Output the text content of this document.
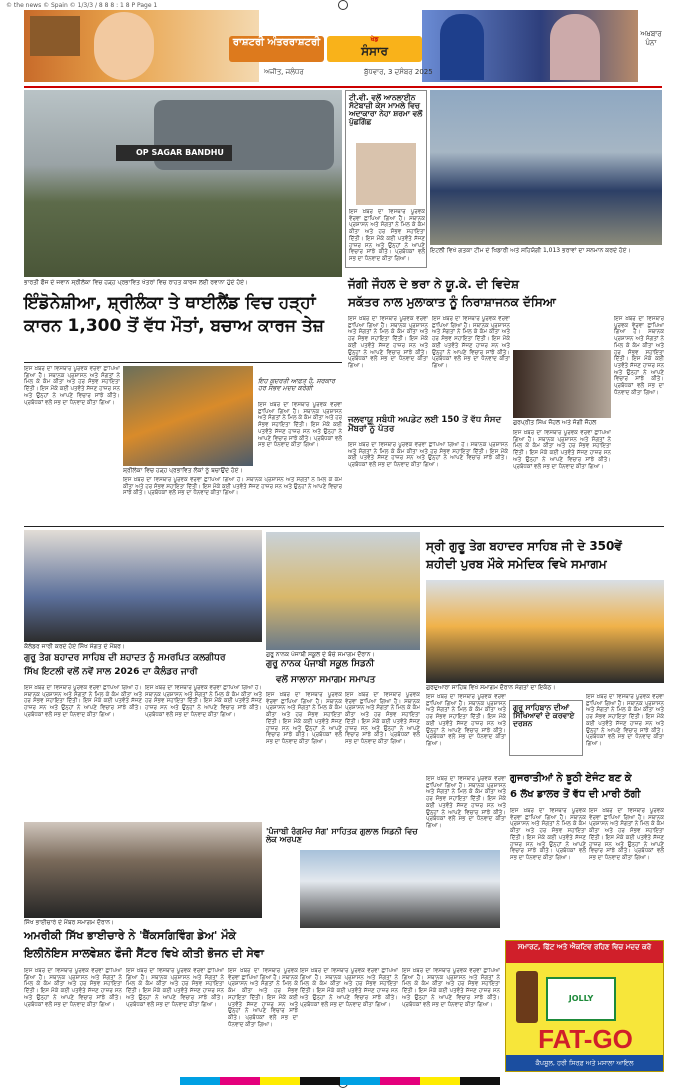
© the news © Spain © 1/3/3 / 8 8 8 : 1 8 P Page 1
ਰਾਸ਼ਟਰੀ ਅੰਤਰਰਾਸ਼ਟਰੀ	ਖੇਡ
ਸੰਸਾਰ
ਅਜੀਤ, ਜਲੰਧਰ	ਬੁੱਧਵਾਰ, 3 ਦਸੰਬਰ 2025
ਅਖ਼ਬਾਰ ਪੰਨਾ
OP SAGAR BANDHU
ਭਾਰਤੀ ਫੌਜ ਦੇ ਜਵਾਨ ਸ੍ਰੀਲੰਕਾ ਵਿਚ ਹੜ੍ਹ ਪ੍ਰਭਾਵਿਤ ਖੇਤਰਾਂ ਵਿਚ ਰਾਹਤ ਕਾਰਜ ਲਈ ਰਵਾਨਾ ਹੁੰਦੇ ਹੋਏ।
ਟੀ.ਵੀ. ਵਲੋਂ ਆਨਲਾਈਨ ਸੱਟੇਬਾਜ਼ੀ ਕੇਸ ਮਾਮਲੇ ਵਿਚ ਅਦਾਕਾਰਾ ਨੇਹਾ ਸ਼ਰਮਾ ਵਲੋਂ ਪੁੱਛਗਿੱਛ
ਇਸ ਖ਼ਬਰ ਦਾ ਵਿਸਥਾਰ ਪੂਰਵਕ ਵੇਰਵਾ ਛਾਪਿਆ ਗਿਆ ਹੈ। ਸਥਾਨਕ ਪ੍ਰਸ਼ਾਸਨ ਅਤੇ ਸੰਗਤਾਂ ਨੇ ਮਿਲ ਕੇ ਕੰਮ ਕੀਤਾ ਅਤੇ ਹਰ ਸੰਭਵ ਸਹਾਇਤਾ ਦਿੱਤੀ। ਇਸ ਮੌਕੇ ਕਈ ਪਤਵੰਤੇ ਸੱਜਣ ਹਾਜ਼ਰ ਸਨ ਅਤੇ ਉਨ੍ਹਾਂ ਨੇ ਆਪਣੇ ਵਿਚਾਰ ਸਾਂਝੇ ਕੀਤੇ। ਪ੍ਰਬੰਧਕਾਂ ਵਲੋਂ ਸਭ ਦਾ ਧੰਨਵਾਦ ਕੀਤਾ ਗਿਆ।
ਇਟਲੀ ਵਿਖੇ ਗਤਕਾ ਟੀਮ ਦੇ ਖਿਡਾਰੀ ਅਤੇ ਸਹਿਯੋਗੀ 1,013 ਭਰਾਵਾਂ ਦਾ ਸਨਮਾਨ ਕਰਦੇ ਹੋਏ।
ਇੰਡੋਨੇਸ਼ੀਆ, ਸ਼੍ਰੀਲੰਕਾ ਤੇ ਥਾਈਲੈਂਡ ਵਿਚ ਹੜ੍ਹਾਂ
ਕਾਰਨ 1,300 ਤੋਂ ਵੱਧ ਮੌਤਾਂ, ਬਚਾਅ ਕਾਰਜ ਤੇਜ਼
ਇਸ ਖ਼ਬਰ ਦਾ ਵਿਸਥਾਰ ਪੂਰਵਕ ਵੇਰਵਾ ਛਾਪਿਆ ਗਿਆ ਹੈ। ਸਥਾਨਕ ਪ੍ਰਸ਼ਾਸਨ ਅਤੇ ਸੰਗਤਾਂ ਨੇ ਮਿਲ ਕੇ ਕੰਮ ਕੀਤਾ ਅਤੇ ਹਰ ਸੰਭਵ ਸਹਾਇਤਾ ਦਿੱਤੀ। ਇਸ ਮੌਕੇ ਕਈ ਪਤਵੰਤੇ ਸੱਜਣ ਹਾਜ਼ਰ ਸਨ ਅਤੇ ਉਨ੍ਹਾਂ ਨੇ ਆਪਣੇ ਵਿਚਾਰ ਸਾਂਝੇ ਕੀਤੇ। ਪ੍ਰਬੰਧਕਾਂ ਵਲੋਂ ਸਭ ਦਾ ਧੰਨਵਾਦ ਕੀਤਾ ਗਿਆ।
ਸ਼੍ਰੀਲੰਕਾ ਵਿਚ ਹੜ੍ਹ ਪ੍ਰਭਾਵਿਤ ਲੋਕਾਂ ਨੂੰ ਬਚਾਉਂਦੇ ਹੋਏ।
ਇਹ ਕੁਦਰਤੀ ਆਫ਼ਤ ਹੈ, ਸਰਕਾਰ ਹਰ ਸੰਭਵ ਮਦਦ ਕਰੇਗੀ
ਇਸ ਖ਼ਬਰ ਦਾ ਵਿਸਥਾਰ ਪੂਰਵਕ ਵੇਰਵਾ ਛਾਪਿਆ ਗਿਆ ਹੈ। ਸਥਾਨਕ ਪ੍ਰਸ਼ਾਸਨ ਅਤੇ ਸੰਗਤਾਂ ਨੇ ਮਿਲ ਕੇ ਕੰਮ ਕੀਤਾ ਅਤੇ ਹਰ ਸੰਭਵ ਸਹਾਇਤਾ ਦਿੱਤੀ। ਇਸ ਮੌਕੇ ਕਈ ਪਤਵੰਤੇ ਸੱਜਣ ਹਾਜ਼ਰ ਸਨ ਅਤੇ ਉਨ੍ਹਾਂ ਨੇ ਆਪਣੇ ਵਿਚਾਰ ਸਾਂਝੇ ਕੀਤੇ। ਪ੍ਰਬੰਧਕਾਂ ਵਲੋਂ ਸਭ ਦਾ ਧੰਨਵਾਦ ਕੀਤਾ ਗਿਆ।
ਇਸ ਖ਼ਬਰ ਦਾ ਵਿਸਥਾਰ ਪੂਰਵਕ ਵੇਰਵਾ ਛਾਪਿਆ ਗਿਆ ਹੈ। ਸਥਾਨਕ ਪ੍ਰਸ਼ਾਸਨ ਅਤੇ ਸੰਗਤਾਂ ਨੇ ਮਿਲ ਕੇ ਕੰਮ ਕੀਤਾ ਅਤੇ ਹਰ ਸੰਭਵ ਸਹਾਇਤਾ ਦਿੱਤੀ। ਇਸ ਮੌਕੇ ਕਈ ਪਤਵੰਤੇ ਸੱਜਣ ਹਾਜ਼ਰ ਸਨ ਅਤੇ ਉਨ੍ਹਾਂ ਨੇ ਆਪਣੇ ਵਿਚਾਰ ਸਾਂਝੇ ਕੀਤੇ। ਪ੍ਰਬੰਧਕਾਂ ਵਲੋਂ ਸਭ ਦਾ ਧੰਨਵਾਦ ਕੀਤਾ ਗਿਆ।
ਜੱਗੀ ਜੌਹਲ ਦੇ ਭਰਾ ਨੇ ਯੂ.ਕੇ. ਦੀ ਵਿਦੇਸ਼
ਸਕੱਤਰ ਨਾਲ ਮੁਲਾਕਾਤ ਨੂੰ ਨਿਰਾਸ਼ਾਜਨਕ ਦੱਸਿਆ
ਇਸ ਖ਼ਬਰ ਦਾ ਵਿਸਥਾਰ ਪੂਰਵਕ ਵੇਰਵਾ ਛਾਪਿਆ ਗਿਆ ਹੈ। ਸਥਾਨਕ ਪ੍ਰਸ਼ਾਸਨ ਅਤੇ ਸੰਗਤਾਂ ਨੇ ਮਿਲ ਕੇ ਕੰਮ ਕੀਤਾ ਅਤੇ ਹਰ ਸੰਭਵ ਸਹਾਇਤਾ ਦਿੱਤੀ। ਇਸ ਮੌਕੇ ਕਈ ਪਤਵੰਤੇ ਸੱਜਣ ਹਾਜ਼ਰ ਸਨ ਅਤੇ ਉਨ੍ਹਾਂ ਨੇ ਆਪਣੇ ਵਿਚਾਰ ਸਾਂਝੇ ਕੀਤੇ। ਪ੍ਰਬੰਧਕਾਂ ਵਲੋਂ ਸਭ ਦਾ ਧੰਨਵਾਦ ਕੀਤਾ ਗਿਆ।
ਇਸ ਖ਼ਬਰ ਦਾ ਵਿਸਥਾਰ ਪੂਰਵਕ ਵੇਰਵਾ ਛਾਪਿਆ ਗਿਆ ਹੈ। ਸਥਾਨਕ ਪ੍ਰਸ਼ਾਸਨ ਅਤੇ ਸੰਗਤਾਂ ਨੇ ਮਿਲ ਕੇ ਕੰਮ ਕੀਤਾ ਅਤੇ ਹਰ ਸੰਭਵ ਸਹਾਇਤਾ ਦਿੱਤੀ। ਇਸ ਮੌਕੇ ਕਈ ਪਤਵੰਤੇ ਸੱਜਣ ਹਾਜ਼ਰ ਸਨ ਅਤੇ ਉਨ੍ਹਾਂ ਨੇ ਆਪਣੇ ਵਿਚਾਰ ਸਾਂਝੇ ਕੀਤੇ। ਪ੍ਰਬੰਧਕਾਂ ਵਲੋਂ ਸਭ ਦਾ ਧੰਨਵਾਦ ਕੀਤਾ ਗਿਆ।
ਗੁਰਪ੍ਰੀਤ ਸਿੰਘ ਜੌਹਲ ਅਤੇ ਜੱਗੀ ਜੌਹਲ
ਇਸ ਖ਼ਬਰ ਦਾ ਵਿਸਥਾਰ ਪੂਰਵਕ ਵੇਰਵਾ ਛਾਪਿਆ ਗਿਆ ਹੈ। ਸਥਾਨਕ ਪ੍ਰਸ਼ਾਸਨ ਅਤੇ ਸੰਗਤਾਂ ਨੇ ਮਿਲ ਕੇ ਕੰਮ ਕੀਤਾ ਅਤੇ ਹਰ ਸੰਭਵ ਸਹਾਇਤਾ ਦਿੱਤੀ। ਇਸ ਮੌਕੇ ਕਈ ਪਤਵੰਤੇ ਸੱਜਣ ਹਾਜ਼ਰ ਸਨ ਅਤੇ ਉਨ੍ਹਾਂ ਨੇ ਆਪਣੇ ਵਿਚਾਰ ਸਾਂਝੇ ਕੀਤੇ। ਪ੍ਰਬੰਧਕਾਂ ਵਲੋਂ ਸਭ ਦਾ ਧੰਨਵਾਦ ਕੀਤਾ ਗਿਆ।
ਇਸ ਖ਼ਬਰ ਦਾ ਵਿਸਥਾਰ ਪੂਰਵਕ ਵੇਰਵਾ ਛਾਪਿਆ ਗਿਆ ਹੈ। ਸਥਾਨਕ ਪ੍ਰਸ਼ਾਸਨ ਅਤੇ ਸੰਗਤਾਂ ਨੇ ਮਿਲ ਕੇ ਕੰਮ ਕੀਤਾ ਅਤੇ ਹਰ ਸੰਭਵ ਸਹਾਇਤਾ ਦਿੱਤੀ। ਇਸ ਮੌਕੇ ਕਈ ਪਤਵੰਤੇ ਸੱਜਣ ਹਾਜ਼ਰ ਸਨ ਅਤੇ ਉਨ੍ਹਾਂ ਨੇ ਆਪਣੇ ਵਿਚਾਰ ਸਾਂਝੇ ਕੀਤੇ। ਪ੍ਰਬੰਧਕਾਂ ਵਲੋਂ ਸਭ ਦਾ ਧੰਨਵਾਦ ਕੀਤਾ ਗਿਆ।
ਜਲਵਾਯੂ ਸਬੰਧੀ ਅਪਡੇਟ ਲਈ 150 ਤੋਂ ਵੱਧ ਸੰਸਦ ਮੈਂਬਰਾਂ ਨੂੰ ਪੱਤਰ
ਇਸ ਖ਼ਬਰ ਦਾ ਵਿਸਥਾਰ ਪੂਰਵਕ ਵੇਰਵਾ ਛਾਪਿਆ ਗਿਆ ਹੈ। ਸਥਾਨਕ ਪ੍ਰਸ਼ਾਸਨ ਅਤੇ ਸੰਗਤਾਂ ਨੇ ਮਿਲ ਕੇ ਕੰਮ ਕੀਤਾ ਅਤੇ ਹਰ ਸੰਭਵ ਸਹਾਇਤਾ ਦਿੱਤੀ। ਇਸ ਮੌਕੇ ਕਈ ਪਤਵੰਤੇ ਸੱਜਣ ਹਾਜ਼ਰ ਸਨ ਅਤੇ ਉਨ੍ਹਾਂ ਨੇ ਆਪਣੇ ਵਿਚਾਰ ਸਾਂਝੇ ਕੀਤੇ। ਪ੍ਰਬੰਧਕਾਂ ਵਲੋਂ ਸਭ ਦਾ ਧੰਨਵਾਦ ਕੀਤਾ ਗਿਆ।
ਕੈਲੰਡਰ ਜਾਰੀ ਕਰਦੇ ਹੋਏ ਸਿੱਖ ਸੰਗਤ ਦੇ ਮੈਂਬਰ।
ਗੁਰੂ ਤੇਗ ਬਹਾਦਰ ਸਾਹਿਬ ਦੀ ਸ਼ਹਾਦਤ ਨੂੰ ਸਮਰਪਿਤ ਕਲਗੀਧਰ
ਸਿੱਖ ਇਟਲੀ ਵਲੋਂ ਨਵੇਂ ਸਾਲ 2026 ਦਾ ਕੈਲੰਡਰ ਜਾਰੀ
ਇਸ ਖ਼ਬਰ ਦਾ ਵਿਸਥਾਰ ਪੂਰਵਕ ਵੇਰਵਾ ਛਾਪਿਆ ਗਿਆ ਹੈ। ਸਥਾਨਕ ਪ੍ਰਸ਼ਾਸਨ ਅਤੇ ਸੰਗਤਾਂ ਨੇ ਮਿਲ ਕੇ ਕੰਮ ਕੀਤਾ ਅਤੇ ਹਰ ਸੰਭਵ ਸਹਾਇਤਾ ਦਿੱਤੀ। ਇਸ ਮੌਕੇ ਕਈ ਪਤਵੰਤੇ ਸੱਜਣ ਹਾਜ਼ਰ ਸਨ ਅਤੇ ਉਨ੍ਹਾਂ ਨੇ ਆਪਣੇ ਵਿਚਾਰ ਸਾਂਝੇ ਕੀਤੇ। ਪ੍ਰਬੰਧਕਾਂ ਵਲੋਂ ਸਭ ਦਾ ਧੰਨਵਾਦ ਕੀਤਾ ਗਿਆ।
ਇਸ ਖ਼ਬਰ ਦਾ ਵਿਸਥਾਰ ਪੂਰਵਕ ਵੇਰਵਾ ਛਾਪਿਆ ਗਿਆ ਹੈ। ਸਥਾਨਕ ਪ੍ਰਸ਼ਾਸਨ ਅਤੇ ਸੰਗਤਾਂ ਨੇ ਮਿਲ ਕੇ ਕੰਮ ਕੀਤਾ ਅਤੇ ਹਰ ਸੰਭਵ ਸਹਾਇਤਾ ਦਿੱਤੀ। ਇਸ ਮੌਕੇ ਕਈ ਪਤਵੰਤੇ ਸੱਜਣ ਹਾਜ਼ਰ ਸਨ ਅਤੇ ਉਨ੍ਹਾਂ ਨੇ ਆਪਣੇ ਵਿਚਾਰ ਸਾਂਝੇ ਕੀਤੇ। ਪ੍ਰਬੰਧਕਾਂ ਵਲੋਂ ਸਭ ਦਾ ਧੰਨਵਾਦ ਕੀਤਾ ਗਿਆ।
ਗੁਰੂ ਨਾਨਕ ਪੰਜਾਬੀ ਸਕੂਲ ਦੇ ਬੱਚੇ ਸਮਾਗਮ ਦੌਰਾਨ।
ਗੁਰੂ ਨਾਨਕ ਪੰਜਾਬੀ ਸਕੂਲ ਸਿਡਨੀ
ਵਲੋਂ ਸਾਲਾਨਾ ਸਮਾਗਮ ਸਮਾਪਤ
ਇਸ ਖ਼ਬਰ ਦਾ ਵਿਸਥਾਰ ਪੂਰਵਕ ਵੇਰਵਾ ਛਾਪਿਆ ਗਿਆ ਹੈ। ਸਥਾਨਕ ਪ੍ਰਸ਼ਾਸਨ ਅਤੇ ਸੰਗਤਾਂ ਨੇ ਮਿਲ ਕੇ ਕੰਮ ਕੀਤਾ ਅਤੇ ਹਰ ਸੰਭਵ ਸਹਾਇਤਾ ਦਿੱਤੀ। ਇਸ ਮੌਕੇ ਕਈ ਪਤਵੰਤੇ ਸੱਜਣ ਹਾਜ਼ਰ ਸਨ ਅਤੇ ਉਨ੍ਹਾਂ ਨੇ ਆਪਣੇ ਵਿਚਾਰ ਸਾਂਝੇ ਕੀਤੇ। ਪ੍ਰਬੰਧਕਾਂ ਵਲੋਂ ਸਭ ਦਾ ਧੰਨਵਾਦ ਕੀਤਾ ਗਿਆ।
ਇਸ ਖ਼ਬਰ ਦਾ ਵਿਸਥਾਰ ਪੂਰਵਕ ਵੇਰਵਾ ਛਾਪਿਆ ਗਿਆ ਹੈ। ਸਥਾਨਕ ਪ੍ਰਸ਼ਾਸਨ ਅਤੇ ਸੰਗਤਾਂ ਨੇ ਮਿਲ ਕੇ ਕੰਮ ਕੀਤਾ ਅਤੇ ਹਰ ਸੰਭਵ ਸਹਾਇਤਾ ਦਿੱਤੀ। ਇਸ ਮੌਕੇ ਕਈ ਪਤਵੰਤੇ ਸੱਜਣ ਹਾਜ਼ਰ ਸਨ ਅਤੇ ਉਨ੍ਹਾਂ ਨੇ ਆਪਣੇ ਵਿਚਾਰ ਸਾਂਝੇ ਕੀਤੇ। ਪ੍ਰਬੰਧਕਾਂ ਵਲੋਂ ਸਭ ਦਾ ਧੰਨਵਾਦ ਕੀਤਾ ਗਿਆ।
ਸ੍ਰੀ ਗੁਰੂ ਤੇਗ ਬਹਾਦਰ ਸਾਹਿਬ ਜੀ ਦੇ 350ਵੇਂ
ਸ਼ਹੀਦੀ ਪੁਰਬ ਮੌਕੇ ਸਮੇਦਿਕ ਵਿਖੇ ਸਮਾਗਮ
ਗੁਰਦੁਆਰਾ ਸਾਹਿਬ ਵਿਖੇ ਸਮਾਗਮ ਦੌਰਾਨ ਸੰਗਤਾਂ ਦਾ ਇਕੱਠ।
ਇਸ ਖ਼ਬਰ ਦਾ ਵਿਸਥਾਰ ਪੂਰਵਕ ਵੇਰਵਾ ਛਾਪਿਆ ਗਿਆ ਹੈ। ਸਥਾਨਕ ਪ੍ਰਸ਼ਾਸਨ ਅਤੇ ਸੰਗਤਾਂ ਨੇ ਮਿਲ ਕੇ ਕੰਮ ਕੀਤਾ ਅਤੇ ਹਰ ਸੰਭਵ ਸਹਾਇਤਾ ਦਿੱਤੀ। ਇਸ ਮੌਕੇ ਕਈ ਪਤਵੰਤੇ ਸੱਜਣ ਹਾਜ਼ਰ ਸਨ ਅਤੇ ਉਨ੍ਹਾਂ ਨੇ ਆਪਣੇ ਵਿਚਾਰ ਸਾਂਝੇ ਕੀਤੇ। ਪ੍ਰਬੰਧਕਾਂ ਵਲੋਂ ਸਭ ਦਾ ਧੰਨਵਾਦ ਕੀਤਾ ਗਿਆ।
ਇਸ ਖ਼ਬਰ ਦਾ ਵਿਸਥਾਰ ਪੂਰਵਕ ਵੇਰਵਾ ਛਾਪਿਆ ਗਿਆ ਹੈ। ਸਥਾਨਕ ਪ੍ਰਸ਼ਾਸਨ ਅਤੇ ਸੰਗਤਾਂ ਨੇ ਮਿਲ ਕੇ ਕੰਮ ਕੀਤਾ ਅਤੇ ਹਰ ਸੰਭਵ ਸਹਾਇਤਾ ਦਿੱਤੀ। ਇਸ ਮੌਕੇ ਕਈ ਪਤਵੰਤੇ ਸੱਜਣ ਹਾਜ਼ਰ ਸਨ ਅਤੇ ਉਨ੍ਹਾਂ ਨੇ ਆਪਣੇ ਵਿਚਾਰ ਸਾਂਝੇ ਕੀਤੇ। ਪ੍ਰਬੰਧਕਾਂ ਵਲੋਂ ਸਭ ਦਾ ਧੰਨਵਾਦ ਕੀਤਾ ਗਿਆ।
ਗੁਰੂ ਸਾਹਿਬਾਨ ਦੀਆਂ ਸਿੱਖਿਆਵਾਂ ਦੇ ਕਰਵਾਏ ਦਰਸ਼ਨ
ਗੁਜਰਾਤੀਆਂ ਨੇ ਝੂਠੀ ਏਜੰਟ ਬਣ ਕੇ
6 ਲੱਖ ਡਾਲਰ ਤੋਂ ਵੱਧ ਦੀ ਮਾਰੀ ਠੱਗੀ
ਇਸ ਖ਼ਬਰ ਦਾ ਵਿਸਥਾਰ ਪੂਰਵਕ ਵੇਰਵਾ ਛਾਪਿਆ ਗਿਆ ਹੈ। ਸਥਾਨਕ ਪ੍ਰਸ਼ਾਸਨ ਅਤੇ ਸੰਗਤਾਂ ਨੇ ਮਿਲ ਕੇ ਕੰਮ ਕੀਤਾ ਅਤੇ ਹਰ ਸੰਭਵ ਸਹਾਇਤਾ ਦਿੱਤੀ। ਇਸ ਮੌਕੇ ਕਈ ਪਤਵੰਤੇ ਸੱਜਣ ਹਾਜ਼ਰ ਸਨ ਅਤੇ ਉਨ੍ਹਾਂ ਨੇ ਆਪਣੇ ਵਿਚਾਰ ਸਾਂਝੇ ਕੀਤੇ। ਪ੍ਰਬੰਧਕਾਂ ਵਲੋਂ ਸਭ ਦਾ ਧੰਨਵਾਦ ਕੀਤਾ ਗਿਆ।
ਇਸ ਖ਼ਬਰ ਦਾ ਵਿਸਥਾਰ ਪੂਰਵਕ ਵੇਰਵਾ ਛਾਪਿਆ ਗਿਆ ਹੈ। ਸਥਾਨਕ ਪ੍ਰਸ਼ਾਸਨ ਅਤੇ ਸੰਗਤਾਂ ਨੇ ਮਿਲ ਕੇ ਕੰਮ ਕੀਤਾ ਅਤੇ ਹਰ ਸੰਭਵ ਸਹਾਇਤਾ ਦਿੱਤੀ। ਇਸ ਮੌਕੇ ਕਈ ਪਤਵੰਤੇ ਸੱਜਣ ਹਾਜ਼ਰ ਸਨ ਅਤੇ ਉਨ੍ਹਾਂ ਨੇ ਆਪਣੇ ਵਿਚਾਰ ਸਾਂਝੇ ਕੀਤੇ। ਪ੍ਰਬੰਧਕਾਂ ਵਲੋਂ ਸਭ ਦਾ ਧੰਨਵਾਦ ਕੀਤਾ ਗਿਆ।
ਇਸ ਖ਼ਬਰ ਦਾ ਵਿਸਥਾਰ ਪੂਰਵਕ ਵੇਰਵਾ ਛਾਪਿਆ ਗਿਆ ਹੈ। ਸਥਾਨਕ ਪ੍ਰਸ਼ਾਸਨ ਅਤੇ ਸੰਗਤਾਂ ਨੇ ਮਿਲ ਕੇ ਕੰਮ ਕੀਤਾ ਅਤੇ ਹਰ ਸੰਭਵ ਸਹਾਇਤਾ ਦਿੱਤੀ। ਇਸ ਮੌਕੇ ਕਈ ਪਤਵੰਤੇ ਸੱਜਣ ਹਾਜ਼ਰ ਸਨ ਅਤੇ ਉਨ੍ਹਾਂ ਨੇ ਆਪਣੇ ਵਿਚਾਰ ਸਾਂਝੇ ਕੀਤੇ। ਪ੍ਰਬੰਧਕਾਂ ਵਲੋਂ ਸਭ ਦਾ ਧੰਨਵਾਦ ਕੀਤਾ ਗਿਆ।
ਸਿੱਖ ਭਾਈਚਾਰੇ ਦੇ ਮੈਂਬਰ ਸਮਾਗਮ ਦੌਰਾਨ।
ਅਮਰੀਕੀ ਸਿੱਖ ਭਾਈਚਾਰੇ ਨੇ 'ਥੈਂਕਸਗਿਵਿੰਗ ਡੇਅ' ਮੌਕੇ
ਇਲੀਨੋਇਸ ਸਾਲਵੇਸ਼ਨ ਫੌਜੀ ਸੈਂਟਰ ਵਿਖੇ ਕੀਤੀ ਭੋਜਨ ਦੀ ਸੇਵਾ
ਇਸ ਖ਼ਬਰ ਦਾ ਵਿਸਥਾਰ ਪੂਰਵਕ ਵੇਰਵਾ ਛਾਪਿਆ ਗਿਆ ਹੈ। ਸਥਾਨਕ ਪ੍ਰਸ਼ਾਸਨ ਅਤੇ ਸੰਗਤਾਂ ਨੇ ਮਿਲ ਕੇ ਕੰਮ ਕੀਤਾ ਅਤੇ ਹਰ ਸੰਭਵ ਸਹਾਇਤਾ ਦਿੱਤੀ। ਇਸ ਮੌਕੇ ਕਈ ਪਤਵੰਤੇ ਸੱਜਣ ਹਾਜ਼ਰ ਸਨ ਅਤੇ ਉਨ੍ਹਾਂ ਨੇ ਆਪਣੇ ਵਿਚਾਰ ਸਾਂਝੇ ਕੀਤੇ। ਪ੍ਰਬੰਧਕਾਂ ਵਲੋਂ ਸਭ ਦਾ ਧੰਨਵਾਦ ਕੀਤਾ ਗਿਆ।
ਇਸ ਖ਼ਬਰ ਦਾ ਵਿਸਥਾਰ ਪੂਰਵਕ ਵੇਰਵਾ ਛਾਪਿਆ ਗਿਆ ਹੈ। ਸਥਾਨਕ ਪ੍ਰਸ਼ਾਸਨ ਅਤੇ ਸੰਗਤਾਂ ਨੇ ਮਿਲ ਕੇ ਕੰਮ ਕੀਤਾ ਅਤੇ ਹਰ ਸੰਭਵ ਸਹਾਇਤਾ ਦਿੱਤੀ। ਇਸ ਮੌਕੇ ਕਈ ਪਤਵੰਤੇ ਸੱਜਣ ਹਾਜ਼ਰ ਸਨ ਅਤੇ ਉਨ੍ਹਾਂ ਨੇ ਆਪਣੇ ਵਿਚਾਰ ਸਾਂਝੇ ਕੀਤੇ। ਪ੍ਰਬੰਧਕਾਂ ਵਲੋਂ ਸਭ ਦਾ ਧੰਨਵਾਦ ਕੀਤਾ ਗਿਆ।
ਇਸ ਖ਼ਬਰ ਦਾ ਵਿਸਥਾਰ ਪੂਰਵਕ ਵੇਰਵਾ ਛਾਪਿਆ ਗਿਆ ਹੈ। ਸਥਾਨਕ ਪ੍ਰਸ਼ਾਸਨ ਅਤੇ ਸੰਗਤਾਂ ਨੇ ਮਿਲ ਕੇ ਕੰਮ ਕੀਤਾ ਅਤੇ ਹਰ ਸੰਭਵ ਸਹਾਇਤਾ ਦਿੱਤੀ। ਇਸ ਮੌਕੇ ਕਈ ਪਤਵੰਤੇ ਸੱਜਣ ਹਾਜ਼ਰ ਸਨ ਅਤੇ ਉਨ੍ਹਾਂ ਨੇ ਆਪਣੇ ਵਿਚਾਰ ਸਾਂਝੇ ਕੀਤੇ। ਪ੍ਰਬੰਧਕਾਂ ਵਲੋਂ ਸਭ ਦਾ ਧੰਨਵਾਦ ਕੀਤਾ ਗਿਆ।
'ਪੰਜਾਬੀ ਰੰਗਮੰਚ ਸੰਗ' ਸਾਹਿਤਕ ਗੁਲਾਲ ਸਿਡਨੀ ਵਿਚ ਲੇਕ ਅਰਪਣ
ਇਸ ਖ਼ਬਰ ਦਾ ਵਿਸਥਾਰ ਪੂਰਵਕ ਵੇਰਵਾ ਛਾਪਿਆ ਗਿਆ ਹੈ। ਸਥਾਨਕ ਪ੍ਰਸ਼ਾਸਨ ਅਤੇ ਸੰਗਤਾਂ ਨੇ ਮਿਲ ਕੇ ਕੰਮ ਕੀਤਾ ਅਤੇ ਹਰ ਸੰਭਵ ਸਹਾਇਤਾ ਦਿੱਤੀ। ਇਸ ਮੌਕੇ ਕਈ ਪਤਵੰਤੇ ਸੱਜਣ ਹਾਜ਼ਰ ਸਨ ਅਤੇ ਉਨ੍ਹਾਂ ਨੇ ਆਪਣੇ ਵਿਚਾਰ ਸਾਂਝੇ ਕੀਤੇ। ਪ੍ਰਬੰਧਕਾਂ ਵਲੋਂ ਸਭ ਦਾ ਧੰਨਵਾਦ ਕੀਤਾ ਗਿਆ।
ਇਸ ਖ਼ਬਰ ਦਾ ਵਿਸਥਾਰ ਪੂਰਵਕ ਵੇਰਵਾ ਛਾਪਿਆ ਗਿਆ ਹੈ। ਸਥਾਨਕ ਪ੍ਰਸ਼ਾਸਨ ਅਤੇ ਸੰਗਤਾਂ ਨੇ ਮਿਲ ਕੇ ਕੰਮ ਕੀਤਾ ਅਤੇ ਹਰ ਸੰਭਵ ਸਹਾਇਤਾ ਦਿੱਤੀ। ਇਸ ਮੌਕੇ ਕਈ ਪਤਵੰਤੇ ਸੱਜਣ ਹਾਜ਼ਰ ਸਨ ਅਤੇ ਉਨ੍ਹਾਂ ਨੇ ਆਪਣੇ ਵਿਚਾਰ ਸਾਂਝੇ ਕੀਤੇ। ਪ੍ਰਬੰਧਕਾਂ ਵਲੋਂ ਸਭ ਦਾ ਧੰਨਵਾਦ ਕੀਤਾ ਗਿਆ।
ਸਮਾਰਟ, ਫਿੱਟ ਅਤੇ ਐਕਟਿਵ ਰਹਿਣ ਵਿਚ ਮਦਦ ਕਰੇ
JOLLY
FAT-GO
ਕੈਪਸੂਲ, ਹਰੀ ਸਿਰਫ਼ ਅਤੇ ਮਸਾਲਾ ਆਇਲ
